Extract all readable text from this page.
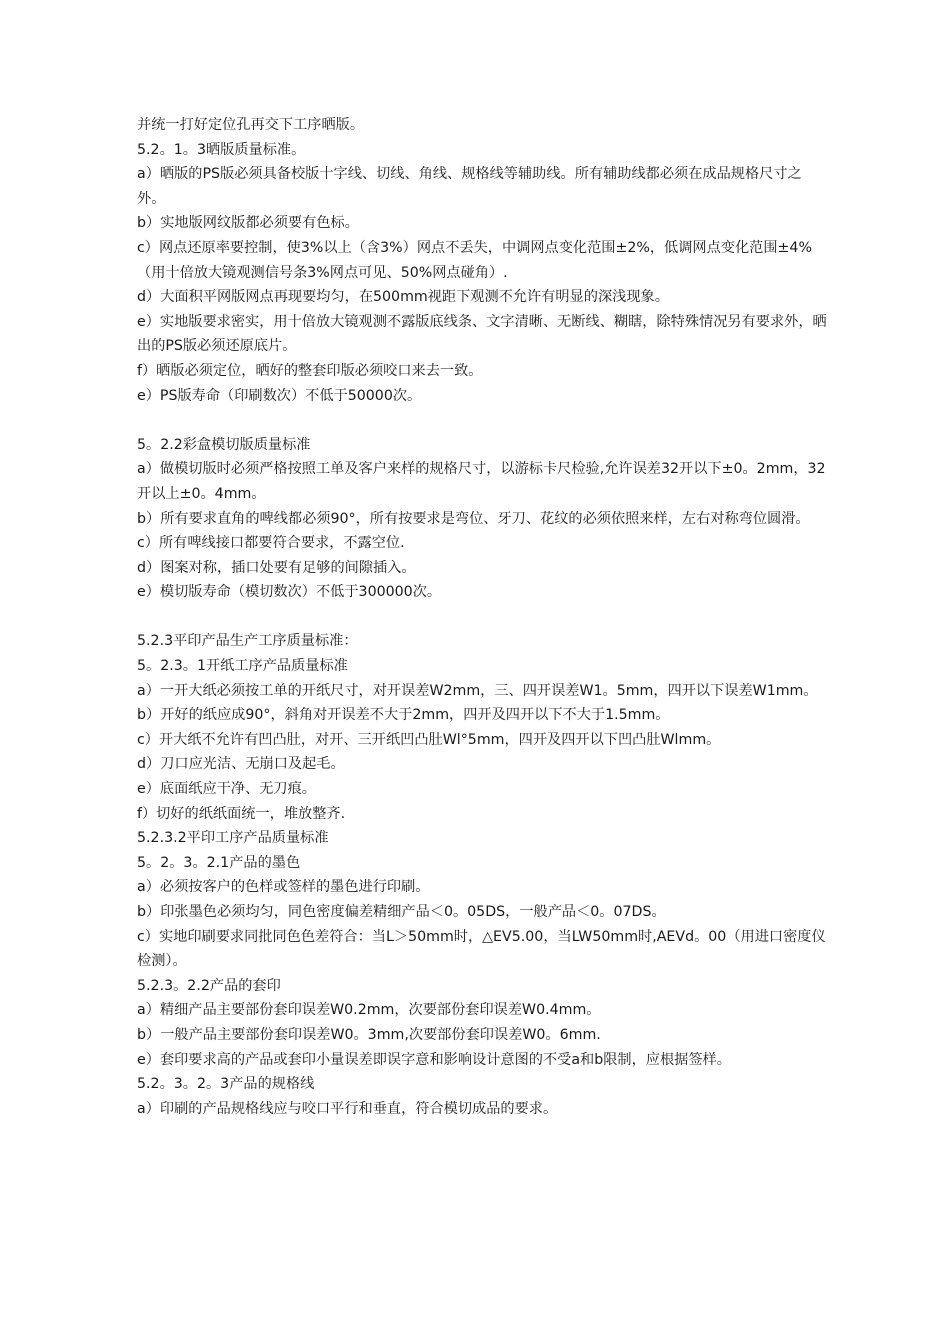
并统一打好定位孔再交下工序晒版。

5.2。1。3晒版质量标准。

a）晒版的PS版必须具备校版十字线、切线、角线、规格线等辅助线。所有辅助线都必须在成品规格尺寸之外。

b）实地版网纹版都必须要有色标。

c）网点还原率要控制，使3%以上（含3%）网点不丢失，中调网点变化范围±2%，低调网点变化范围±4%（用十倍放大镜观测信号条3%网点可见、50%网点碰角）.

d）大面积平网版网点再现要均匀，在500mm视距下观测不允许有明显的深浅现象。

e）实地版要求密实，用十倍放大镜观测不露版底线条、文字清晰、无断线、糊瞎，除特殊情况另有要求外，晒出的PS版必须还原底片。

f）晒版必须定位，晒好的整套印版必须咬口来去一致。

e）PS版寿命（印刷数次）不低于50000次。

5。2.2彩盒模切版质量标准

a）做模切版时必须严格按照工单及客户来样的规格尺寸，以游标卡尺检验,允许误差32开以下±0。2mm，32开以上±0。4mm。

b）所有要求直角的啤线都必须90°，所有按要求是弯位、牙刀、花纹的必须依照来样，左右对称弯位圆滑。

c）所有啤线接口都要符合要求，不露空位.

d）图案对称，插口处要有足够的间隙插入。

e）模切版寿命（模切数次）不低于300000次。

5.2.3平印产品生产工序质量标准：

5。2.3。1开纸工序产品质量标准

a）一开大纸必须按工单的开纸尺寸，对开误差W2mm，三、四开误差W1。5mm，四开以下误差W1mm。

b）开好的纸应成90°，斜角对开误差不大于2mm，四开及四开以下不大于1.5mm。

c）开大纸不允许有凹凸肚，对开、三开纸凹凸肚Wl°5mm，四开及四开以下凹凸肚Wlmm。

d）刀口应光洁、无崩口及起毛。

e）底面纸应干净、无刀痕。

f）切好的纸纸面统一，堆放整齐.

5.2.3.2平印工序产品质量标准

5。2。3。2.1产品的墨色

a）必须按客户的色样或签样的墨色进行印刷。

b）印张墨色必须均匀，同色密度偏差精细产品＜0。05DS，一般产品＜0。07DS。

c）实地印刷要求同批同色色差符合：当L＞50mm时，△EV5.00，当LW50mm时,AEVd。00（用进口密度仪检测）。

5.2.3。2.2产品的套印

a）精细产品主要部份套印误差W0.2mm，次要部份套印误差W0.4mm。

b）一般产品主要部份套印误差W0。3mm,次要部份套印误差W0。6mm.

e）套印要求高的产品或套印小量误差即误字意和影响设计意图的不受a和b限制，应根据签样。

5.2。3。2。3产品的规格线

a）印刷的产品规格线应与咬口平行和垂直，符合模切成品的要求。
